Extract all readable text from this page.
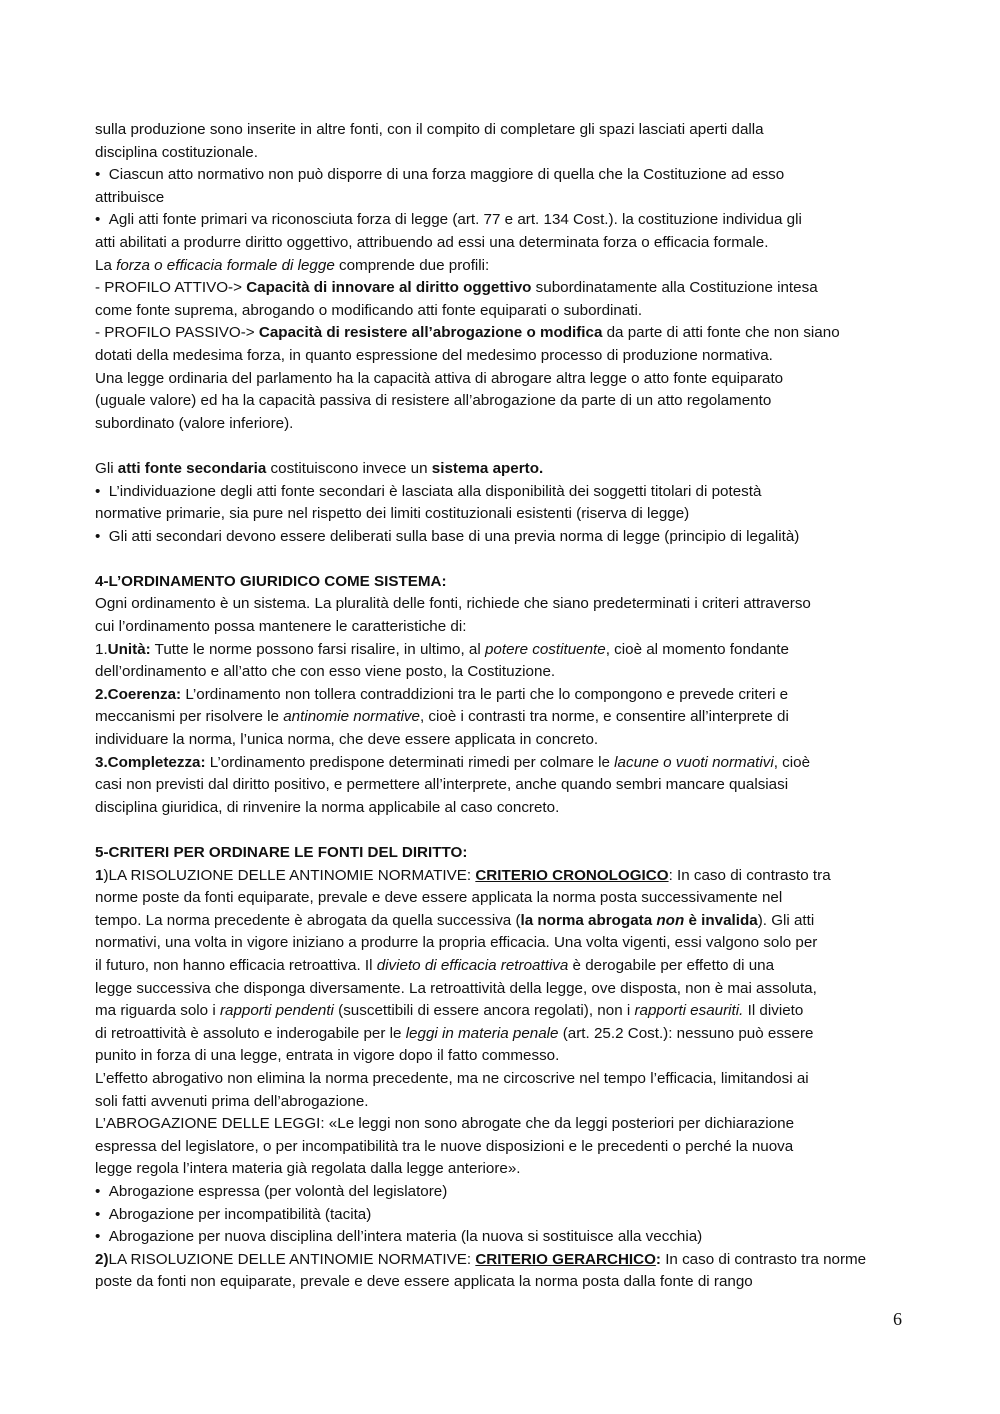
sulla produzione sono inserite in altre fonti, con il compito di completare gli spazi lasciati aperti dalla
disciplina costituzionale.
•  Ciascun atto normativo non può disporre di una forza maggiore di quella che la Costituzione ad esso
attribuisce
•  Agli atti fonte primari va riconosciuta forza di legge (art. 77 e art. 134 Cost.). la costituzione individua gli
atti abilitati a produrre diritto oggettivo, attribuendo ad essi una determinata forza o efficacia formale.
La forza o efficacia formale di legge comprende due profili:
- PROFILO ATTIVO-> Capacità di innovare al diritto oggettivo subordinatamente alla Costituzione intesa
come fonte suprema, abrogando o modificando atti fonte equiparati o subordinati.
- PROFILO PASSIVO-> Capacità di resistere all’abrogazione o modifica da parte di atti fonte che non siano
dotati della medesima forza, in quanto espressione del medesimo processo di produzione normativa.
Una legge ordinaria del parlamento ha la capacità attiva di abrogare altra legge o atto fonte equiparato
(uguale valore) ed ha la capacità passiva di resistere all’abrogazione da parte di un atto regolamento
subordinato (valore inferiore).
Gli atti fonte secondaria costituiscono invece un sistema aperto.
•  L’individuazione degli atti fonte secondari è lasciata alla disponibilità dei soggetti titolari di potestà
normative primarie, sia pure nel rispetto dei limiti costituzionali esistenti (riserva di legge)
•  Gli atti secondari devono essere deliberati sulla base di una previa norma di legge (principio di legalità)
4-L’ORDINAMENTO GIURIDICO COME SISTEMA:
Ogni ordinamento è un sistema. La pluralità delle fonti, richiede che siano predeterminati i criteri attraverso
cui l’ordinamento possa mantenere le caratteristiche di:
1.Unità: Tutte le norme possono farsi risalire, in ultimo, al potere costituente, cioè al momento fondante
dell’ordinamento e all’atto che con esso viene posto, la Costituzione.
2.Coerenza: L’ordinamento non tollera contraddizioni tra le parti che lo compongono e prevede criteri e
meccanismi per risolvere le antinomie normative, cioè i contrasti tra norme, e consentire all’interprete di
individuare la norma, l’unica norma, che deve essere applicata in concreto.
3.Completezza: L’ordinamento predispone determinati rimedi per colmare le lacune o vuoti normativi, cioè
casi non previsti dal diritto positivo, e permettere all’interprete, anche quando sembri mancare qualsiasi
disciplina giuridica, di rinvenire la norma applicabile al caso concreto.
5-CRITERI PER ORDINARE LE FONTI DEL DIRITTO:
1)LA RISOLUZIONE DELLE ANTINOMIE NORMATIVE: CRITERIO CRONOLOGICO: In caso di contrasto tra
norme poste da fonti equiparate, prevale e deve essere applicata la norma posta successivamente nel
tempo. La norma precedente è abrogata da quella successiva (la norma abrogata non è invalida). Gli atti
normativi, una volta in vigore iniziano a produrre la propria efficacia. Una volta vigenti, essi valgono solo per
il futuro, non hanno efficacia retroattiva. Il divieto di efficacia retroattiva è derogabile per effetto di una
legge successiva che disponga diversamente. La retroattività della legge, ove disposta, non è mai assoluta,
ma riguarda solo i rapporti pendenti (suscettibili di essere ancora regolati), non i rapporti esauriti. Il divieto
di retroattività è assoluto e inderogabile per le leggi in materia penale (art. 25.2 Cost.): nessuno può essere
punito in forza di una legge, entrata in vigore dopo il fatto commesso.
L’effetto abrogativo non elimina la norma precedente, ma ne circoscrive nel tempo l’efficacia, limitandosi ai
soli fatti avvenuti prima dell’abrogazione.
L’ABROGAZIONE DELLE LEGGI: «Le leggi non sono abrogate che da leggi posteriori per dichiarazione
espressa del legislatore, o per incompatibilità tra le nuove disposizioni e le precedenti o perché la nuova
legge regola l’intera materia già regolata dalla legge anteriore».
•  Abrogazione espressa (per volontà del legislatore)
•  Abrogazione per incompatibilità (tacita)
•  Abrogazione per nuova disciplina dell’intera materia (la nuova si sostituisce alla vecchia)
2)LA RISOLUZIONE DELLE ANTINOMIE NORMATIVE: CRITERIO GERARCHICO: In caso di contrasto tra norme
poste da fonti non equiparate, prevale e deve essere applicata la norma posta dalla fonte di rango
6
